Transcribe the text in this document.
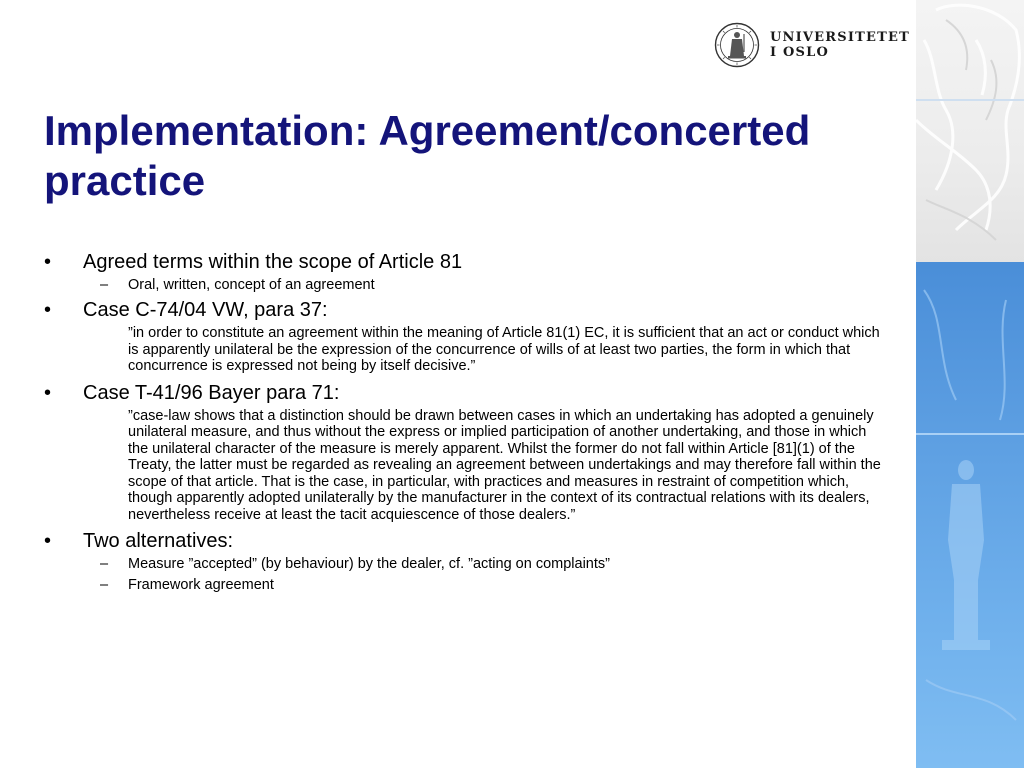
UNIVERSITETET
I OSLO
Implementation: Agreement/concerted practice
•	Agreed terms within the scope of Article 81
–	Oral, written, concept of an agreement
•	Case C-74/04 VW, para 37:
”in order to constitute an agreement within the meaning of Article 81(1) EC, it is sufficient that an act or conduct which is apparently unilateral be the expression of the concurrence of wills of at least two parties, the form in which that concurrence is expressed not being by itself decisive.”
•	Case T-41/96 Bayer para 71:
”case-law shows that a distinction should be drawn between cases in which an undertaking has adopted a genuinely unilateral measure, and thus without the express or implied participation of another undertaking, and those in which the unilateral character of the measure is merely apparent. Whilst the former do not fall within Article [81](1) of the Treaty, the latter must be regarded as revealing an agreement between undertakings and may therefore fall within the scope of that article. That is the case, in particular, with practices and measures in restraint of competition which, though apparently adopted unilaterally by the manufacturer in the context of its contractual relations with its dealers, nevertheless receive at least the tacit acquiescence of those dealers.”
•	Two alternatives:
–	Measure ”accepted” (by behaviour) by the dealer, cf. ”acting on complaints”
–	Framework agreement
